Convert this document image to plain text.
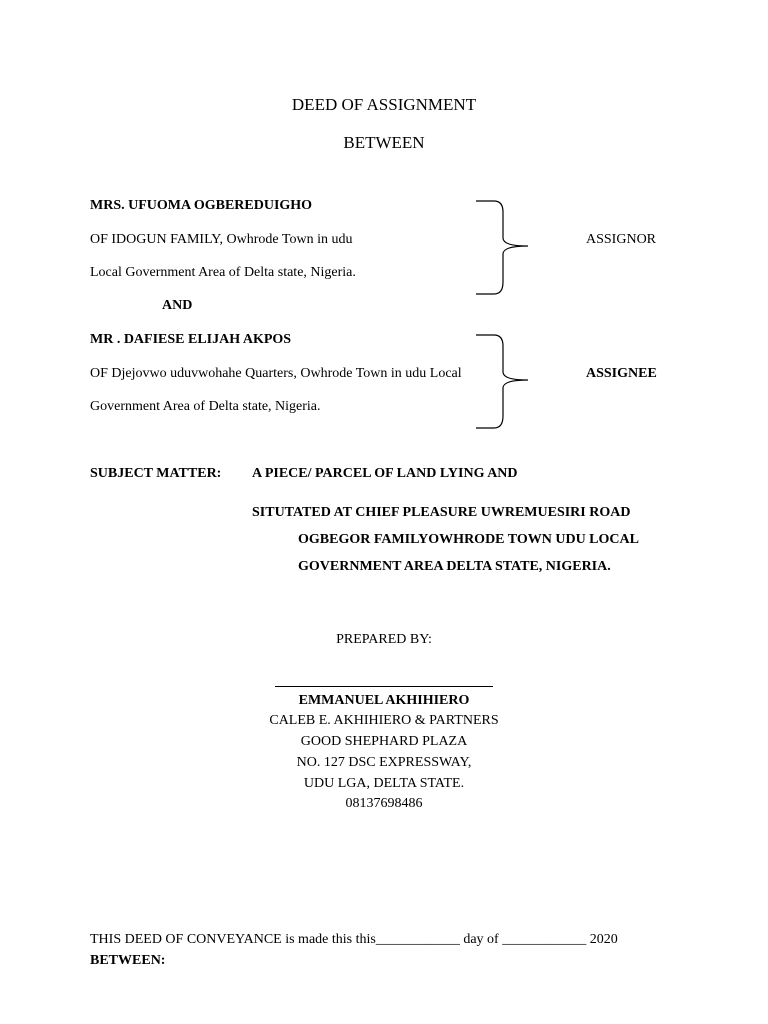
DEED OF ASSIGNMENT
BETWEEN
MRS. UFUOMA OGBEREDUIGHO
OF IDOGUN FAMILY, Owhrode Town in udu
Local Government Area of Delta state, Nigeria.
ASSIGNOR
AND
MR . DAFIESE ELIJAH AKPOS
OF Djejovwo uduvwohahe Quarters, Owhrode Town in udu Local
Government Area of Delta state, Nigeria.
ASSIGNEE
SUBJECT MATTER: A PIECE/ PARCEL OF LAND LYING AND
SITUTATED AT CHIEF PLEASURE UWREMUESIRI ROAD
OGBEGOR FAMILYOWHRODE TOWN UDU LOCAL
GOVERNMENT AREA DELTA STATE, NIGERIA.
PREPARED BY:
EMMANUEL AKHIHIERO
CALEB E. AKHIHIERO & PARTNERS
GOOD SHEPHARD PLAZA
NO. 127 DSC EXPRESSWAY,
UDU LGA, DELTA STATE.
08137698486
THIS DEED OF CONVEYANCE is made this this____________ day of ____________ 2020
BETWEEN:
